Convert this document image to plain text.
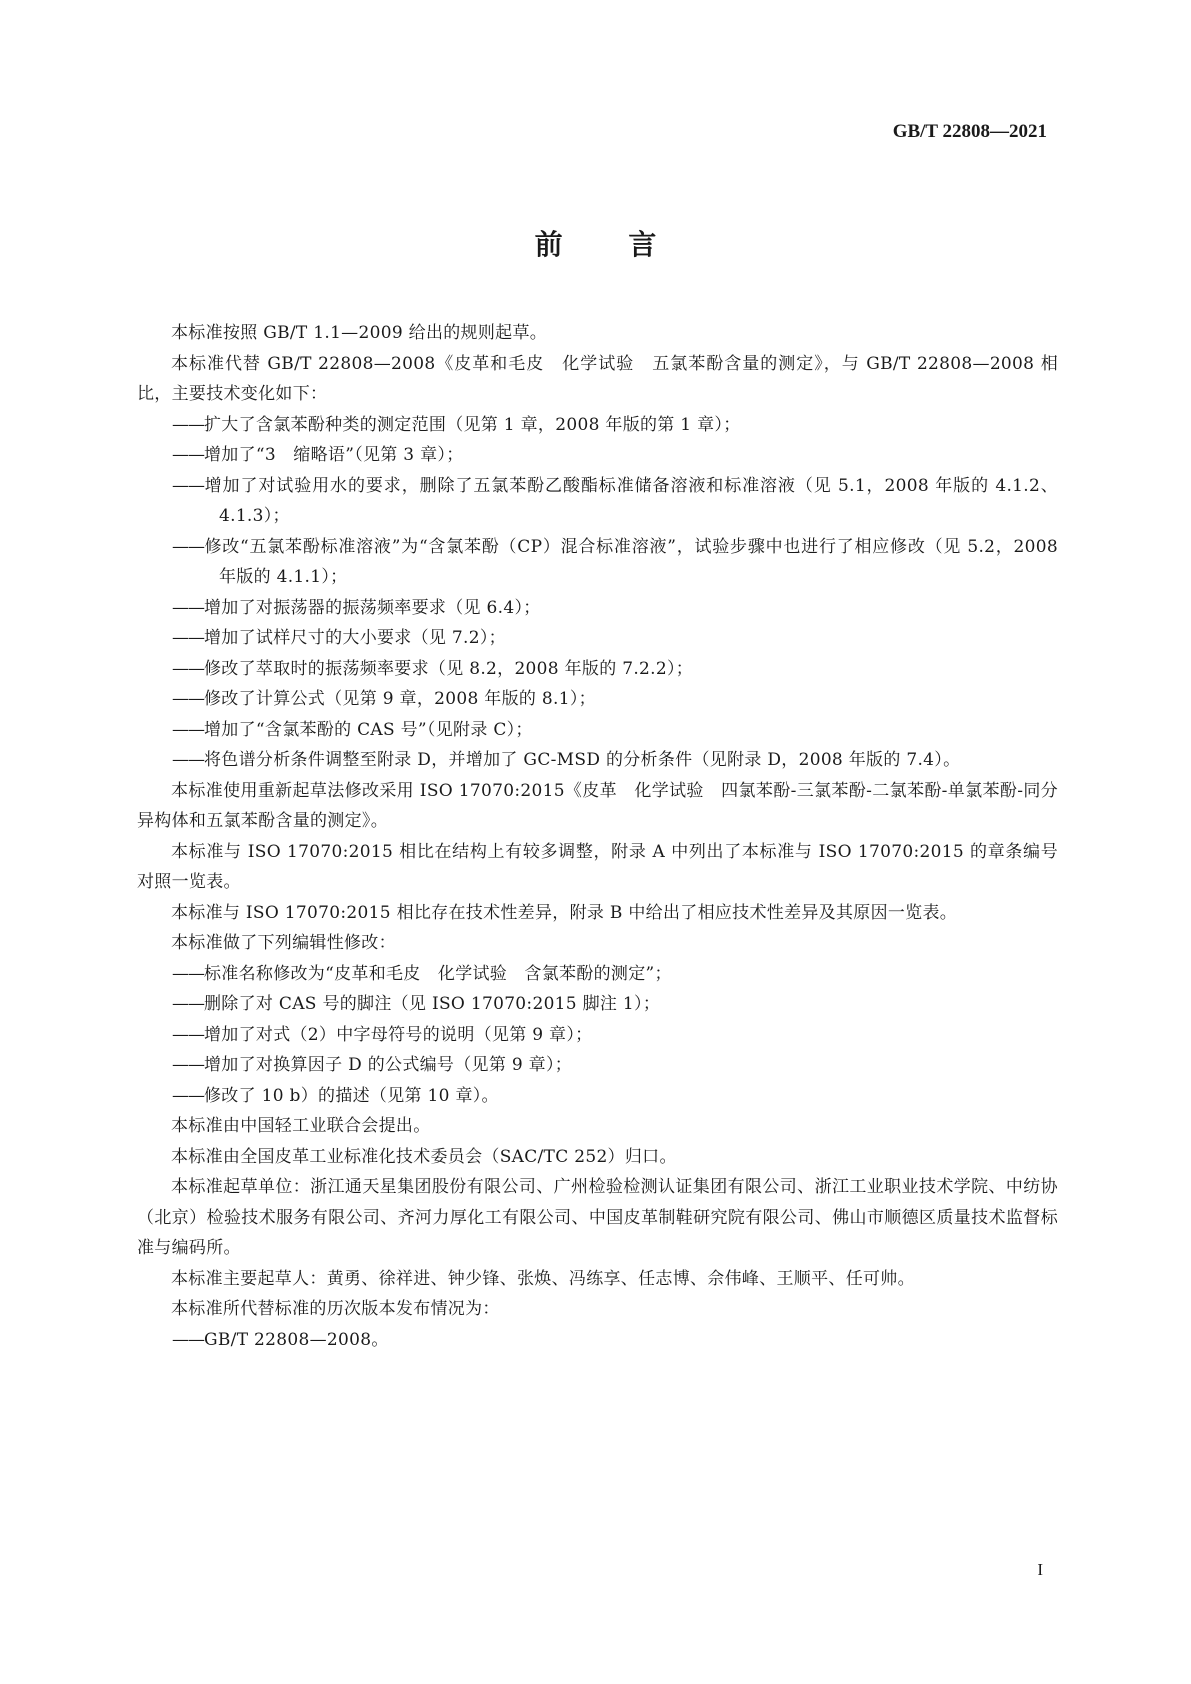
GB/T 22808—2021
前 言
本标准按照 GB/T 1.1—2009 给出的规则起草。
本标准代替 GB/T 22808—2008《皮革和毛皮　化学试验　五氯苯酚含量的测定》，与 GB/T 22808—2008 相比，主要技术变化如下：
—— 扩大了含氯苯酚种类的测定范围（见第 1 章，2008 年版的第 1 章）；
—— 增加了“3　缩略语”（见第 3 章）；
—— 增加了对试验用水的要求，删除了五氯苯酚乙酸酯标准储备溶液和标准溶液（见 5.1，2008 年版的 4.1.2、4.1.3）；
—— 修改“五氯苯酚标准溶液”为“含氯苯酚（CP）混合标准溶液”，试验步骤中也进行了相应修改（见 5.2，2008 年版的 4.1.1）；
—— 增加了对振荡器的振荡频率要求（见 6.4）；
—— 增加了试样尺寸的大小要求（见 7.2）；
—— 修改了萃取时的振荡频率要求（见 8.2，2008 年版的 7.2.2）；
—— 修改了计算公式（见第 9 章，2008 年版的 8.1）；
—— 增加了“含氯苯酚的 CAS 号”（见附录 C）；
—— 将色谱分析条件调整至附录 D，并增加了 GC-MSD 的分析条件（见附录 D，2008 年版的 7.4）。
本标准使用重新起草法修改采用 ISO 17070:2015《皮革　化学试验　四氯苯酚-三氯苯酚-二氯苯酚-单氯苯酚-同分异构体和五氯苯酚含量的测定》。
本标准与 ISO 17070:2015 相比在结构上有较多调整，附录 A 中列出了本标准与 ISO 17070:2015 的章条编号对照一览表。
本标准与 ISO 17070:2015 相比存在技术性差异，附录 B 中给出了相应技术性差异及其原因一览表。
本标准做了下列编辑性修改：
—— 标准名称修改为“皮革和毛皮　化学试验　含氯苯酚的测定”；
—— 删除了对 CAS 号的脚注（见 ISO 17070:2015 脚注 1）；
—— 增加了对式（2）中字母符号的说明（见第 9 章）；
—— 增加了对换算因子 D 的公式编号（见第 9 章）；
—— 修改了 10 b）的描述（见第 10 章）。
本标准由中国轻工业联合会提出。
本标准由全国皮革工业标准化技术委员会（SAC/TC 252）归口。
本标准起草单位：浙江通天星集团股份有限公司、广州检验检测认证集团有限公司、浙江工业职业技术学院、中纺协（北京）检验技术服务有限公司、齐河力厚化工有限公司、中国皮革制鞋研究院有限公司、佛山市顺德区质量技术监督标准与编码所。
本标准主要起草人：黄勇、徐祥进、钟少锋、张焕、冯练享、任志博、佘伟峰、王顺平、任可帅。
本标准所代替标准的历次版本发布情况为：
—— GB/T 22808—2008。
I
